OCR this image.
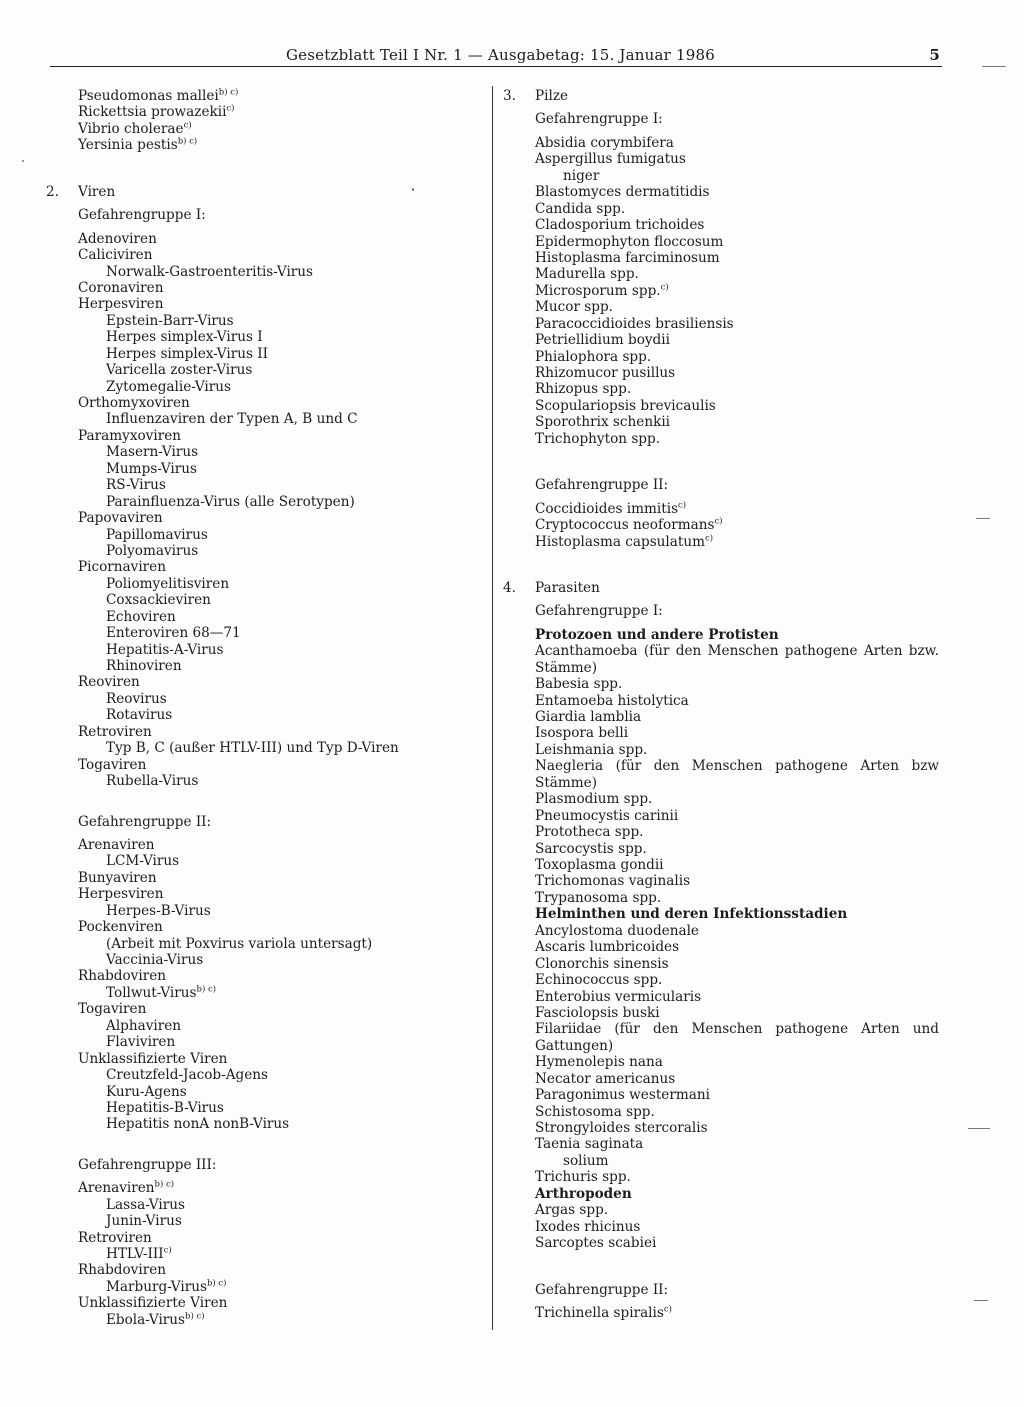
Gesetzblatt Teil I Nr. 1 — Ausgabetag: 15. Januar 1986	5
Pseudomonas mallei$^{b) c)}$
Rickettsia prowazekii$^{c)}$
Vibrio cholerae$^{c)}$
Yersinia pestis$^{b) c)}$
2. Viren
Gefahrengruppe I:
Adenoviren
Caliciviren
Norwalk-Gastroenteritis-Virus
Coronaviren
Herpesviren
Epstein-Barr-Virus
Herpes simplex-Virus I
Herpes simplex-Virus II
Varicella zoster-Virus
Zytomegalie-Virus
Orthomyxoviren
Influenzaviren der Typen A, B und C
Paramyxoviren
Masern-Virus
Mumps-Virus
RS-Virus
Parainfluenza-Virus (alle Serotypen)
Papovaviren
Papillomavirus
Polyomavirus
Picornaviren
Poliomyelitisviren
Coxsackieviren
Echoviren
Enteroviren 68—71
Hepatitis-A-Virus
Rhinoviren
Reoviren
Reovirus
Rotavirus
Retroviren
Typ B, C (außer HTLV-III) und Typ D-Viren
Togaviren
Rubella-Virus
Gefahrengruppe II:
Arenaviren
LCM-Virus
Bunyaviren
Herpesviren
Herpes-B-Virus
Pockenviren
(Arbeit mit Poxvirus variola untersagt)
Vaccinia-Virus
Rhabdoviren
Tollwut-Virus$^{b) c)}$
Togaviren
Alphaviren
Flaviviren
Unklassifizierte Viren
Creutzfeld-Jacob-Agens
Kuru-Agens
Hepatitis-B-Virus
Hepatitis nonA nonB-Virus
Gefahrengruppe III:
Arenaviren$^{b) c)}$
Lassa-Virus
Junin-Virus
Retroviren
HTLV-III$^{c)}$
Rhabdoviren
Marburg-Virus$^{b) c)}$
Unklassifizierte Viren
Ebola-Virus$^{b) c)}$
3. Pilze
Gefahrengruppe I:
Absidia corymbifera
Aspergillus fumigatus
niger
Blastomyces dermatitidis
Candida spp.
Cladosporium trichoides
Epidermophyton floccosum
Histoplasma farciminosum
Madurella spp.
Microsporum spp.$^{c)}$
Mucor spp.
Paracoccidioides brasiliensis
Petriellidium boydii
Phialophora spp.
Rhizomucor pusillus
Rhizopus spp.
Scopulariopsis brevicaulis
Sporothrix schenkii
Trichophyton spp.
Gefahrengruppe II:
Coccidioides immitis$^{c)}$
Cryptococcus neoformans$^{c)}$
Histoplasma capsulatum$^{c)}$
4. Parasiten
Gefahrengruppe I:
Protozoen und andere Protisten
Acanthamoeba (für den Menschen pathogene Arten bzw. Stämme)
Babesia spp.
Entamoeba histolytica
Giardia lamblia
Isospora belli
Leishmania spp.
Naegleria (für den Menschen pathogene Arten bzw Stämme)
Plasmodium spp.
Pneumocystis carinii
Prototheca spp.
Sarcocystis spp.
Toxoplasma gondii
Trichomonas vaginalis
Trypanosoma spp.
Helminthen und deren Infektionsstadien
Ancylostoma duodenale
Ascaris lumbricoides
Clonorchis sinensis
Echinococcus spp.
Enterobius vermicularis
Fasciolopsis buski
Filariidae (für den Menschen pathogene Arten und Gattungen)
Hymenolepis nana
Necator americanus
Paragonimus westermani
Schistosoma spp.
Strongyloides stercoralis
Taenia saginata
solium
Trichuris spp.
Arthropoden
Argas spp.
Ixodes rhicinus
Sarcoptes scabiei
Gefahrengruppe II:
Trichinella spiralis$^{c)}$
